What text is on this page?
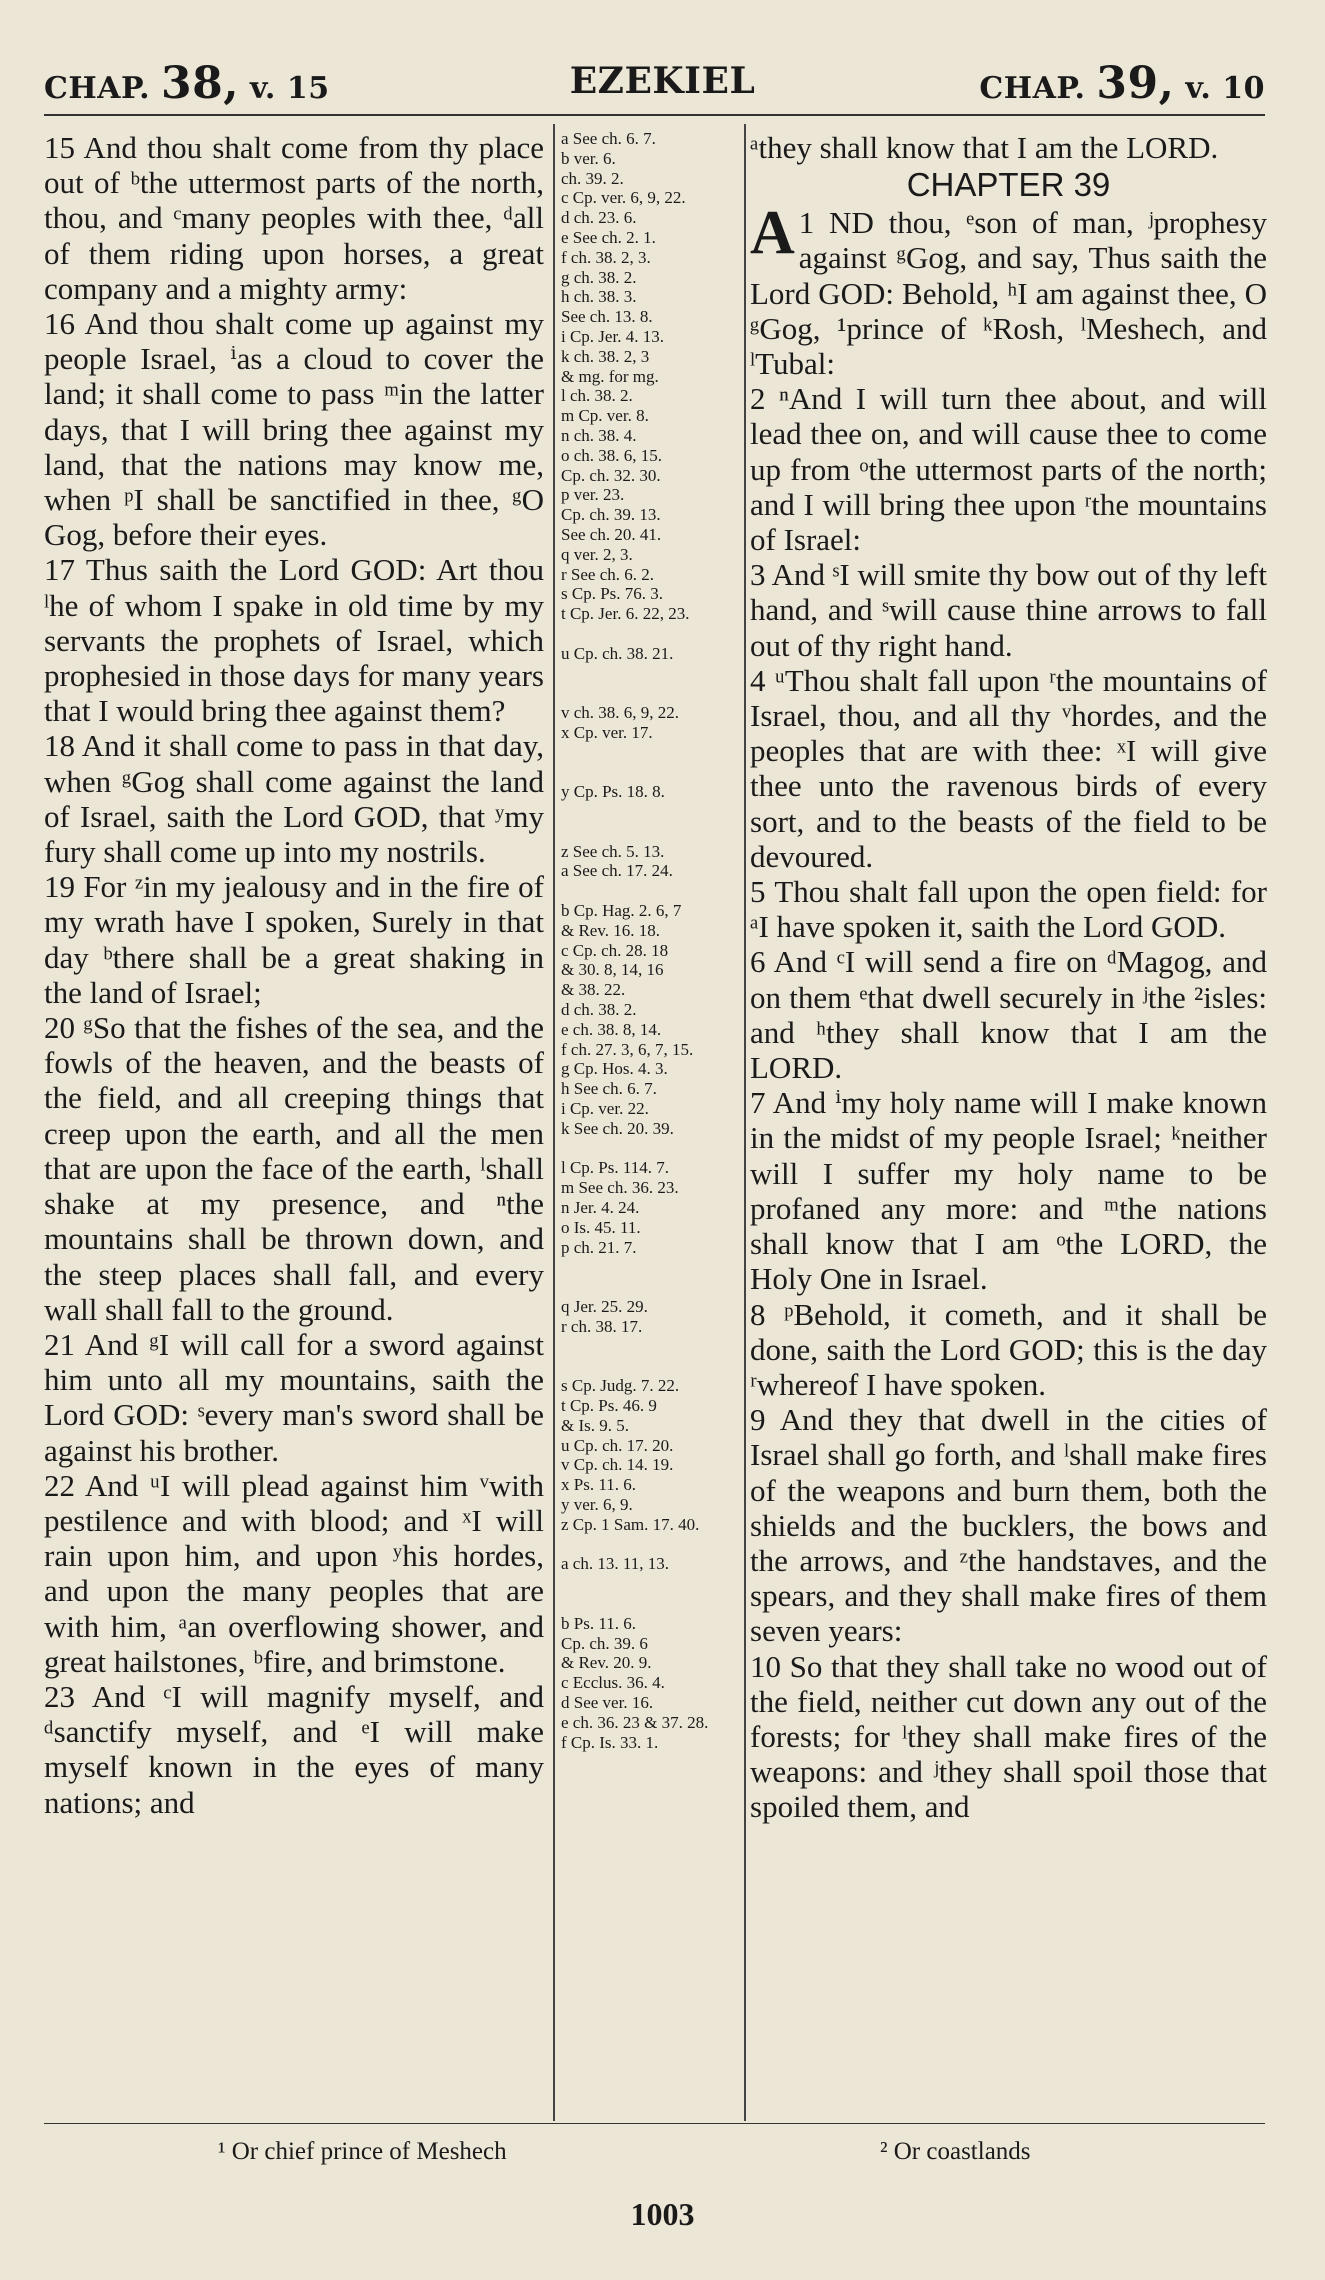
CHAP. 38, v. 15	EZEKIEL	CHAP. 39, v. 10
15 And thou shalt come from thy place out of ᵇthe uttermost parts of the north, thou, and ᶜmany peoples with thee, ᵈall of them riding upon horses, a great company and a mighty army:
16 And thou shalt come up against my people Israel, ⁱas a cloud to cover the land; it shall come to pass ᵐin the latter days, that I will bring thee against my land, that the nations may know me, when ᵖI shall be sanctified in thee, ᵍO Gog, before their eyes.
17 Thus saith the Lord GOD: Art thou ˡhe of whom I spake in old time by my servants the prophets of Israel, which prophesied in those days for many years that I would bring thee against them?
18 And it shall come to pass in that day, when ᵍGog shall come against the land of Israel, saith the Lord GOD, that ʸmy fury shall come up into my nostrils.
19 For ᶻin my jealousy and in the fire of my wrath have I spoken, Surely in that day ᵇthere shall be a great shaking in the land of Israel;
20 ᵍSo that the fishes of the sea, and the fowls of the heaven, and the beasts of the field, and all creeping things that creep upon the earth, and all the men that are upon the face of the earth, ˡshall shake at my presence, and ⁿthe mountains shall be thrown down, and the steep places shall fall, and every wall shall fall to the ground.
21 And ᵍI will call for a sword against him unto all my mountains, saith the Lord GOD: ˢevery man's sword shall be against his brother.
22 And ᵘI will plead against him ᵛwith pestilence and with blood; and ˣI will rain upon him, and upon ʸhis hordes, and upon the many peoples that are with him, ᵃan overflowing shower, and great hailstones, ᵇfire, and brimstone.
23 And ᶜI will magnify myself, and ᵈsanctify myself, and ᵉI will make myself known in the eyes of many nations; and
a See ch. 6. 7.
b ver. 6.
ch. 39. 2.
c Cp. ver. 6, 9, 22.
d ch. 23. 6.
e See ch. 2. 1.
f ch. 38. 2, 3.
g ch. 38. 2.
h ch. 38. 3.
See ch. 13. 8.
i Cp. Jer. 4. 13.
k ch. 38. 2, 3
& mg. for mg.
l ch. 38. 2.
m Cp. ver. 8.
n ch. 38. 4.
o ch. 38. 6, 15.
Cp. ch. 32. 30.
p ver. 23.
Cp. ch. 39. 13.
See ch. 20. 41.
q ver. 2, 3.
r See ch. 6. 2.
s Cp. Ps. 76. 3.
t Cp. Jer. 6. 22, 23.

u Cp. ch. 38. 21.

v ch. 38. 6, 9, 22.
x Cp. ver. 17.

y Cp. Ps. 18. 8.

z See ch. 5. 13.
a See ch. 17. 24.

b Cp. Hag. 2. 6, 7
& Rev. 16. 18.
c Cp. ch. 28. 18
& 30. 8, 14, 16
& 38. 22.
d ch. 38. 2.
e ch. 38. 8, 14.
f ch. 27. 3, 6, 7, 15.
g Cp. Hos. 4. 3.
h See ch. 6. 7.
i Cp. ver. 22.
k See ch. 20. 39.

l Cp. Ps. 114. 7.
m See ch. 36. 23.
n Jer. 4. 24.
o Is. 45. 11.
p ch. 21. 7.

q Jer. 25. 29.
r ch. 38. 17.

s Cp. Judg. 7. 22.
t Cp. Ps. 46. 9
& Is. 9. 5.
u Cp. ch. 17. 20.
v Cp. ch. 14. 19.
x Ps. 11. 6.
y ver. 6, 9.
z Cp. 1 Sam. 17. 40.

a ch. 13. 11, 13.

b Ps. 11. 6.
Cp. ch. 39. 6
& Rev. 20. 9.
c Ecclus. 36. 4.
d See ver. 16.
e ch. 36. 23 & 37. 28.
f Cp. Is. 33. 1.
ᵃthey shall know that I am the LORD.
CHAPTER 39
A 1 ND thou, ᵉson of man, ʲprophesy against ᵍGog, and say, Thus saith the Lord GOD: Behold, ʰI am against thee, O ᵍGog, ¹prince of ᵏRosh, ˡMeshech, and ˡTubal:
2 ⁿAnd I will turn thee about, and will lead thee on, and will cause thee to come up from ᵒthe uttermost parts of the north; and I will bring thee upon ʳthe mountains of Israel:
3 And ˢI will smite thy bow out of thy left hand, and ˢwill cause thine arrows to fall out of thy right hand.
4 ᵘThou shalt fall upon ʳthe mountains of Israel, thou, and all thy ᵛhordes, and the peoples that are with thee: ˣI will give thee unto the ravenous birds of every sort, and to the beasts of the field to be devoured.
5 Thou shalt fall upon the open field: for ᵃI have spoken it, saith the Lord GOD.
6 And ᶜI will send a fire on ᵈMagog, and on them ᵉthat dwell securely in ʲthe ²isles: and ʰthey shall know that I am the LORD.
7 And ⁱmy holy name will I make known in the midst of my people Israel; ᵏneither will I suffer my holy name to be profaned any more: and ᵐthe nations shall know that I am ᵒthe LORD, the Holy One in Israel.
8 ᵖBehold, it cometh, and it shall be done, saith the Lord GOD; this is the day ʳwhereof I have spoken.
9 And they that dwell in the cities of Israel shall go forth, and ˡshall make fires of the weapons and burn them, both the shields and the bucklers, the bows and the arrows, and ᶻthe handstaves, and the spears, and they shall make fires of them seven years:
10 So that they shall take no wood out of the field, neither cut down any out of the forests; for ˡthey shall make fires of the weapons: and ʲthey shall spoil those that spoiled them, and
¹ Or chief prince of Meshech	² Or coastlands
1003
